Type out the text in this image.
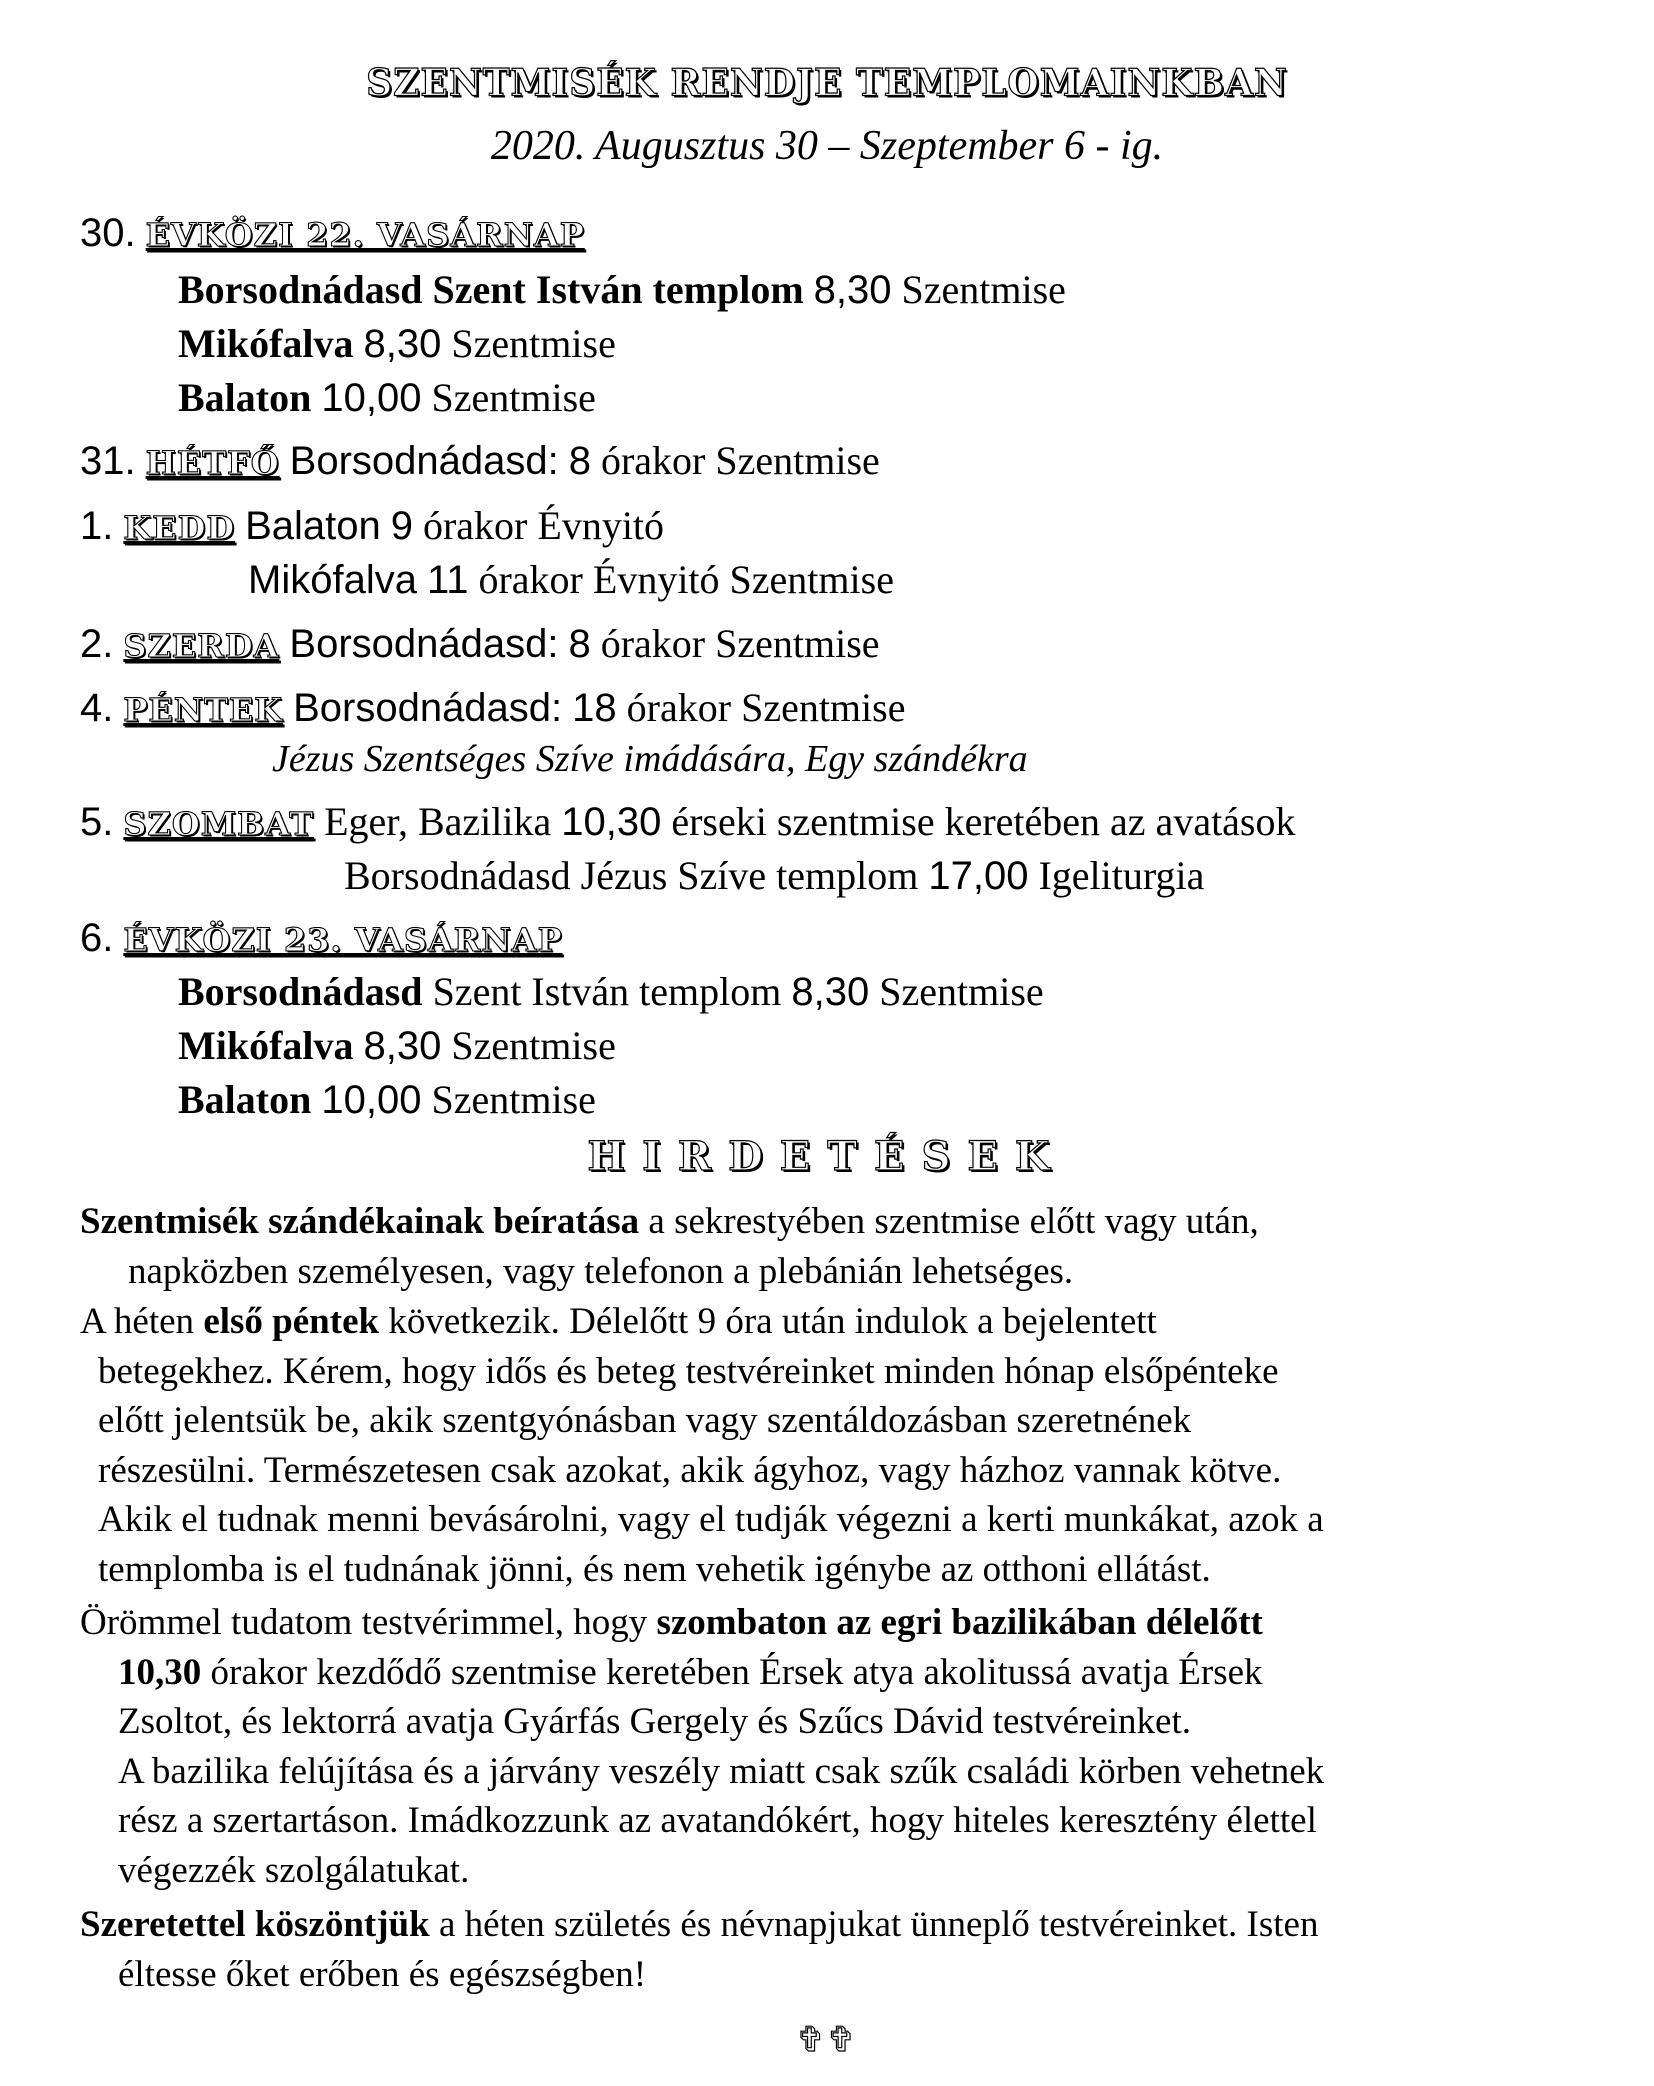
SZENTMISÉK RENDJE TEMPLOMAINKBAN
2020. Augusztus 30 – Szeptember 6 - ig.
30. ÉVKÖZI 22. VASÁRNAP
Borsodnádasd Szent István templom 8,30 Szentmise
Mikófalva 8,30 Szentmise
Balaton 10,00 Szentmise
31. HÉTFŐ Borsodnádasd: 8 órakor Szentmise
1. KEDD Balaton 9 órakor Évnyitó
Mikófalva 11 órakor Évnyitó Szentmise
2. SZERDA Borsodnádasd: 8 órakor Szentmise
4. PÉNTEK Borsodnádasd: 18 órakor Szentmise
Jézus Szentséges Szíve imádására, Egy szándékra
5. SZOMBAT Eger, Bazilika 10,30 érseki szentmise keretében az avatások
Borsodnádasd Jézus Szíve templom 17,00 Igeliturgia
6. ÉVKÖZI 23. VASÁRNAP
Borsodnádasd Szent István templom 8,30 Szentmise
Mikófalva 8,30 Szentmise
Balaton 10,00 Szentmise
HIRDETÉSEK
Szentmisék szándékainak beíratása a sekrestyében szentmise előtt vagy után,
napközben személyesen, vagy telefonon a plebánián lehetséges.
A héten első péntek következik. Délelőtt 9 óra után indulok a bejelentett
betegekhez. Kérem, hogy idős és beteg testvéreinket minden hónap elsőpénteke
előtt jelentsük be, akik szentgyónásban vagy szentáldozásban szeretnének
részesülni. Természetesen csak azokat, akik ágyhoz, vagy házhoz vannak kötve.
Akik el tudnak menni bevásárolni, vagy el tudják végezni a kerti munkákat, azok a
templomba is el tudnának jönni, és nem vehetik igénybe az otthoni ellátást.
Örömmel tudatom testvérimmel, hogy szombaton az egri bazilikában délelőtt
10,30 órakor kezdődő szentmise keretében Érsek atya akolitussá avatja Érsek
Zsoltot, és lektorrá avatja Gyárfás Gergely és Szűcs Dávid testvéreinket.
A bazilika felújítása és a járvány veszély miatt csak szűk családi körben vehetnek
rész a szertartáson. Imádkozzunk az avatandókért, hogy hiteles keresztény élettel
végezzék szolgálatukat.
Szeretettel köszöntjük a héten születés és névnapjukat ünneplő testvéreinket. Isten
éltesse őket erőben és egészségben!
✞✞
